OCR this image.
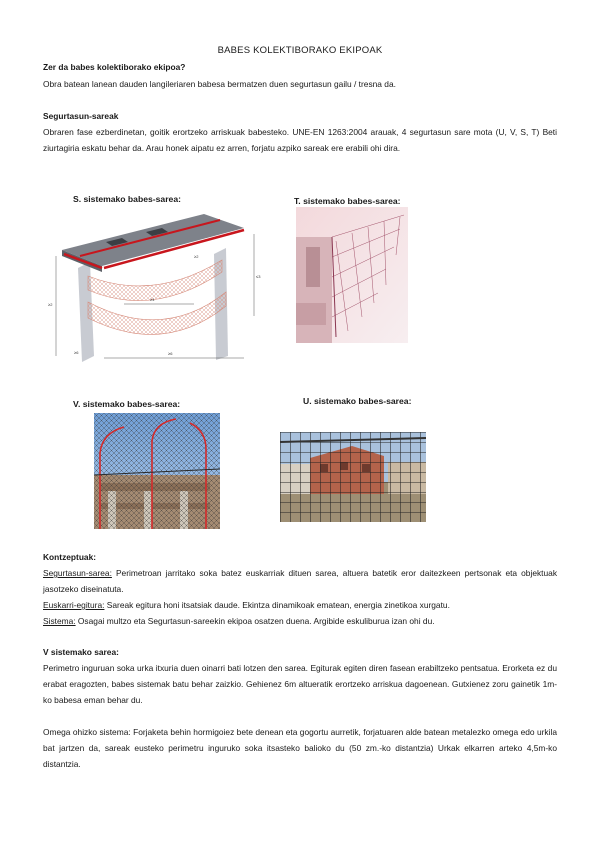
BABES KOLEKTIBORAKO EKIPOAK

Zer da babes kolektiborako ekipoa?

Obra batean lanean dauden langileriaren babesa bermatzen duen segurtasun gailu / tresna da.

Segurtasun-sareak

Obraren fase ezberdinetan, goitik erortzeko arriskuak babesteko. UNE-EN 1263:2004 arauak, 4 segurtasun sare mota (U, V, S, T) Beti ziurtagiria eskatu behar da. Arau honek aipatu ez arren, forjatu azpiko sareak ere erabili ohi dira.

S. sistemako babes-sarea:
≥2
≥2
≥4
≤3
≥6
≥6
T. sistemako babes-sarea:
V. sistemako babes-sarea:	U. sistemako babes-sarea:

Kontzeptuak:

Segurtasun-sarea: Perimetroan jarritako soka batez euskarriak dituen sarea, altuera batetik eror daitezkeen pertsonak eta objektuak jasotzeko diseinatuta.

Euskarri-egitura: Sareak egitura honi itsatsiak daude. Ekintza dinamikoak ematean, energia zinetikoa xurgatu.

Sistema: Osagai multzo eta Segurtasun-sareekin ekipoa osatzen duena. Argibide eskuliburua izan ohi du.

V sistemako sarea:

Perimetro inguruan soka urka itxuria duen oinarri bati lotzen den sarea. Egiturak egiten diren fasean erabiltzeko pentsatua. Erorketa ez du erabat eragozten, babes sistemak batu behar zaizkio. Gehienez 6m altueratik erortzeko arriskua dagoenean. Gutxienez zoru gainetik 1m-ko babesa eman behar du.

Omega ohizko sistema: Forjaketa behin hormigoiez bete denean eta gogortu aurretik, forjatuaren alde batean metalezko omega edo urkila bat jartzen da, sareak eusteko perimetru inguruko soka itsasteko balioko du (50 zm.-ko distantzia) Urkak elkarren arteko 4,5m-ko distantzia.
